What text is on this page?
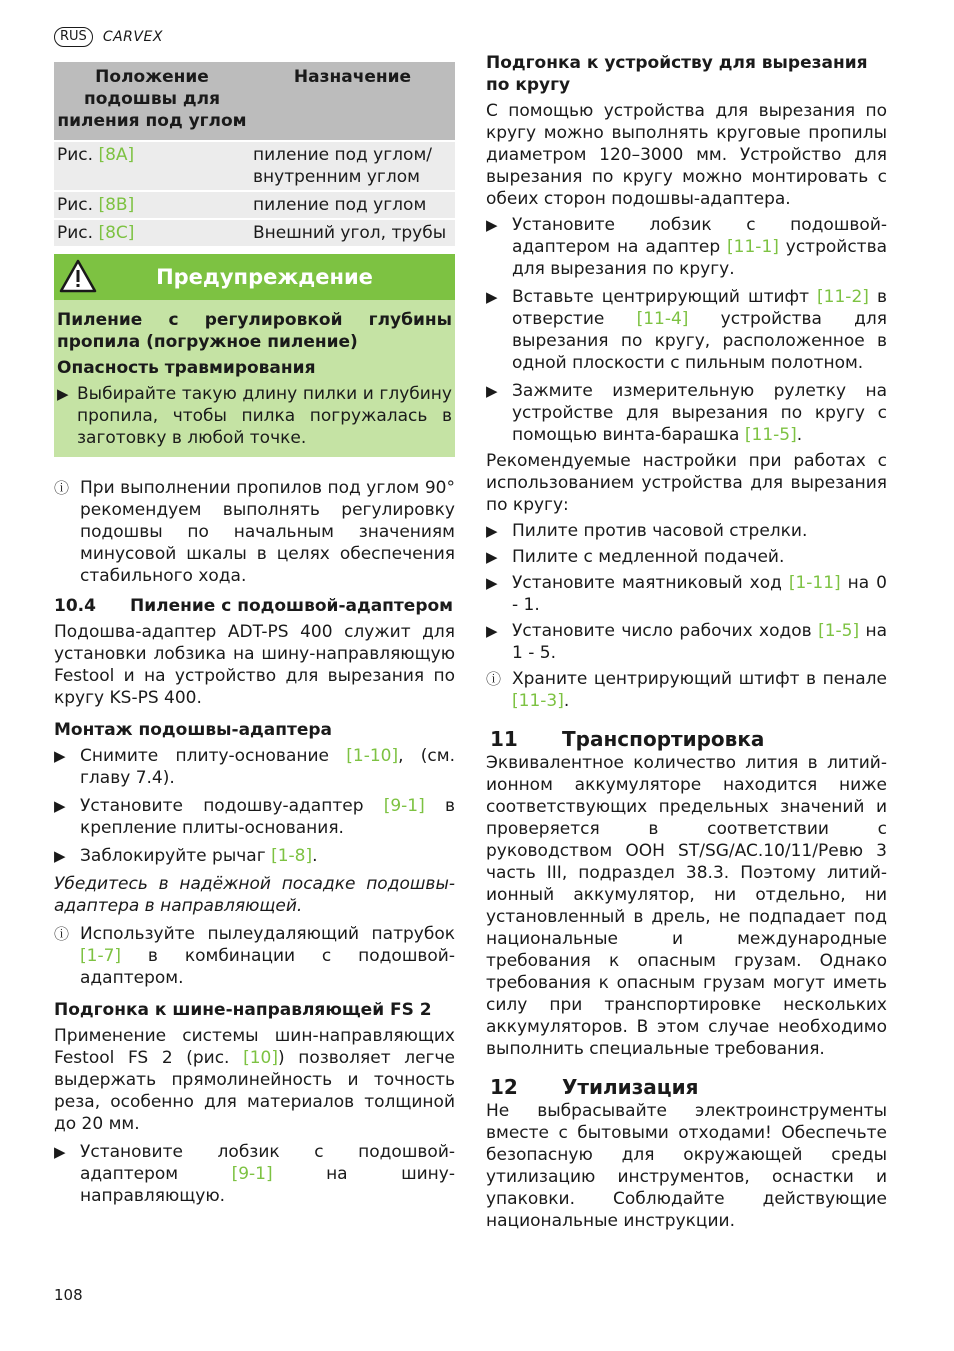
RUS	CARVEX
Положение подошвы для пиления под углом	Назначение
Рис. [8A]	пиление под углом/ внутренним углом
Рис. [8B]	пиление под углом
Рис. [8C]	Внешний угол, трубы
Предупреждение

Пиление с регулировкой глубины пропила (погружное пиление)

Опасность травмирования

▶ Выбирайте такую длину пилки и глубину пропила, чтобы пилка погружалась в заготовку в любой точке.
ⓘ При выполнении пропилов под углом 90° рекомендуем выполнять регулировку подошвы по начальным значениям минусовой шкалы в целях обеспечения стабильного хода.
10.4	Пиление с подошвой-адаптером

Подошва-адаптер ADT-PS 400 служит для установки лобзика на шину-направляющую Festool и на устройство для вырезания по кругу KS-PS 400.

Монтаж подошвы-адаптера

▶ Снимите плиту-основание [1-10], (см. главу 7.4).
▶ Установите подошву-адаптер [9-1] в крепление плиты-основания.
▶ Заблокируйте рычаг [1-8].

Убедитесь в надёжной посадке подошвы-адаптера в направляющей.

ⓘ Используйте пылеудаляющий патрубок [1-7] в комбинации с подошвой-адаптером.

Подгонка к шине-направляющей FS 2

Применение системы шин-направляющих Festool FS 2 (рис. [10]) позволяет легче выдержать прямолинейность и точность реза, особенно для материалов толщиной до 20 мм.

▶ Установите лобзик с подошвой-адаптером [9-1] на шину-направляющую.

Подгонка к устройству для вырезания по кругу

С помощью устройства для вырезания по кругу можно выполнять круговые пропилы диаметром 120–3000 мм. Устройство для вырезания по кругу можно монтировать с обеих сторон подошвы-адаптера.

▶ Установите лобзик с подошвой-адаптером на адаптер [11-1] устройства для вырезания по кругу.
▶ Вставьте центрирующий штифт [11-2] в отверстие [11-4] устройства для вырезания по кругу, расположенное в одной плоскости с пильным полотном.
▶ Зажмите измерительную рулетку на устройстве для вырезания по кругу с помощью винта-барашка [11-5].

Рекомендуемые настройки при работах с использованием устройства для вырезания по кругу:

▶ Пилите против часовой стрелки.
▶ Пилите с медленной подачей.
▶ Установите маятниковый ход [1-11] на 0 - 1.
▶ Установите число рабочих ходов [1-5] на 1 - 5.
ⓘ Храните центрирующий штифт в пенале [11-3].
11	Транспортировка

Эквивалентное количество лития в литий-ионном аккумуляторе находится ниже соответствующих предельных значений и проверяется в соответствии с руководством ООН ST/SG/AC.10/11/Ревю 3 часть III, подраздел 38.3. Поэтому литий-ионный аккумулятор, ни отдельно, ни установленный в дрель, не подпадает под национальные и международные требования к опасным грузам. Однако требования к опасным грузам могут иметь силу при транспортировке нескольких аккумуляторов. В этом случае необходимо выполнить специальные требования.

12	Утилизация

Не выбрасывайте электроинструменты вместе с бытовыми отходами! Обеспечьте безопасную для окружающей среды утилизацию инструментов, оснастки и упаковки. Соблюдайте действующие национальные инструкции.

108
